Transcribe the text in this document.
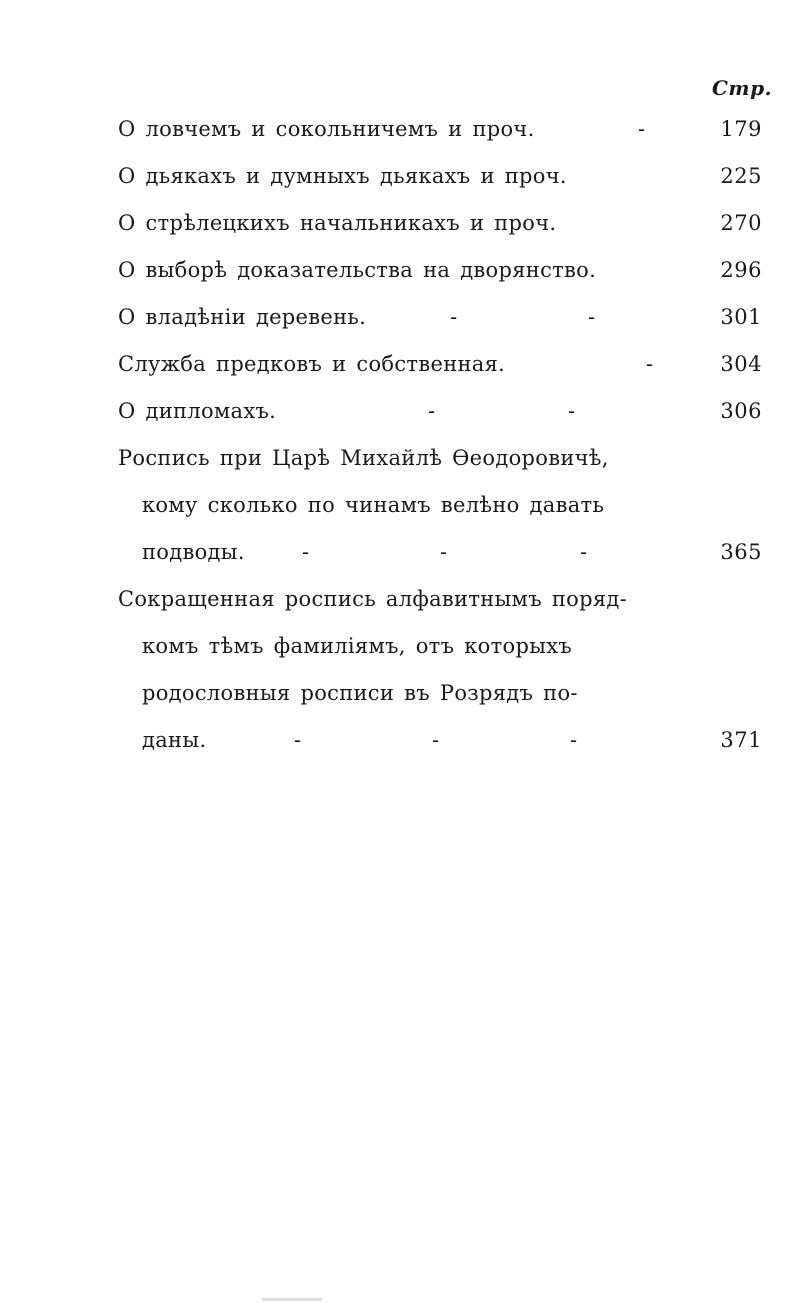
Стр.
О ловчемъ и сокольничемъ и проч.	-	179
О дьякахъ и думныхъ дьякахъ и проч.	225
О стрѣлецкихъ начальникахъ и проч.	270
О выборѣ доказательства на дворянство.	296
О владѣніи деревень.	-	-	301
Служба предковъ и собственная.	-	304
О дипломахъ.	-	-	306
Роспись при Царѣ Михайлѣ Ѳеодоровичѣ,
кому сколько по чинамъ велѣно давать
подводы.	-	-	-	365
Сокращенная роспись алфавитнымъ поряд-
комъ тѣмъ фамиліямъ, отъ которыхъ
родословныя росписи въ Розрядъ по-
даны.	-	-	-	371
